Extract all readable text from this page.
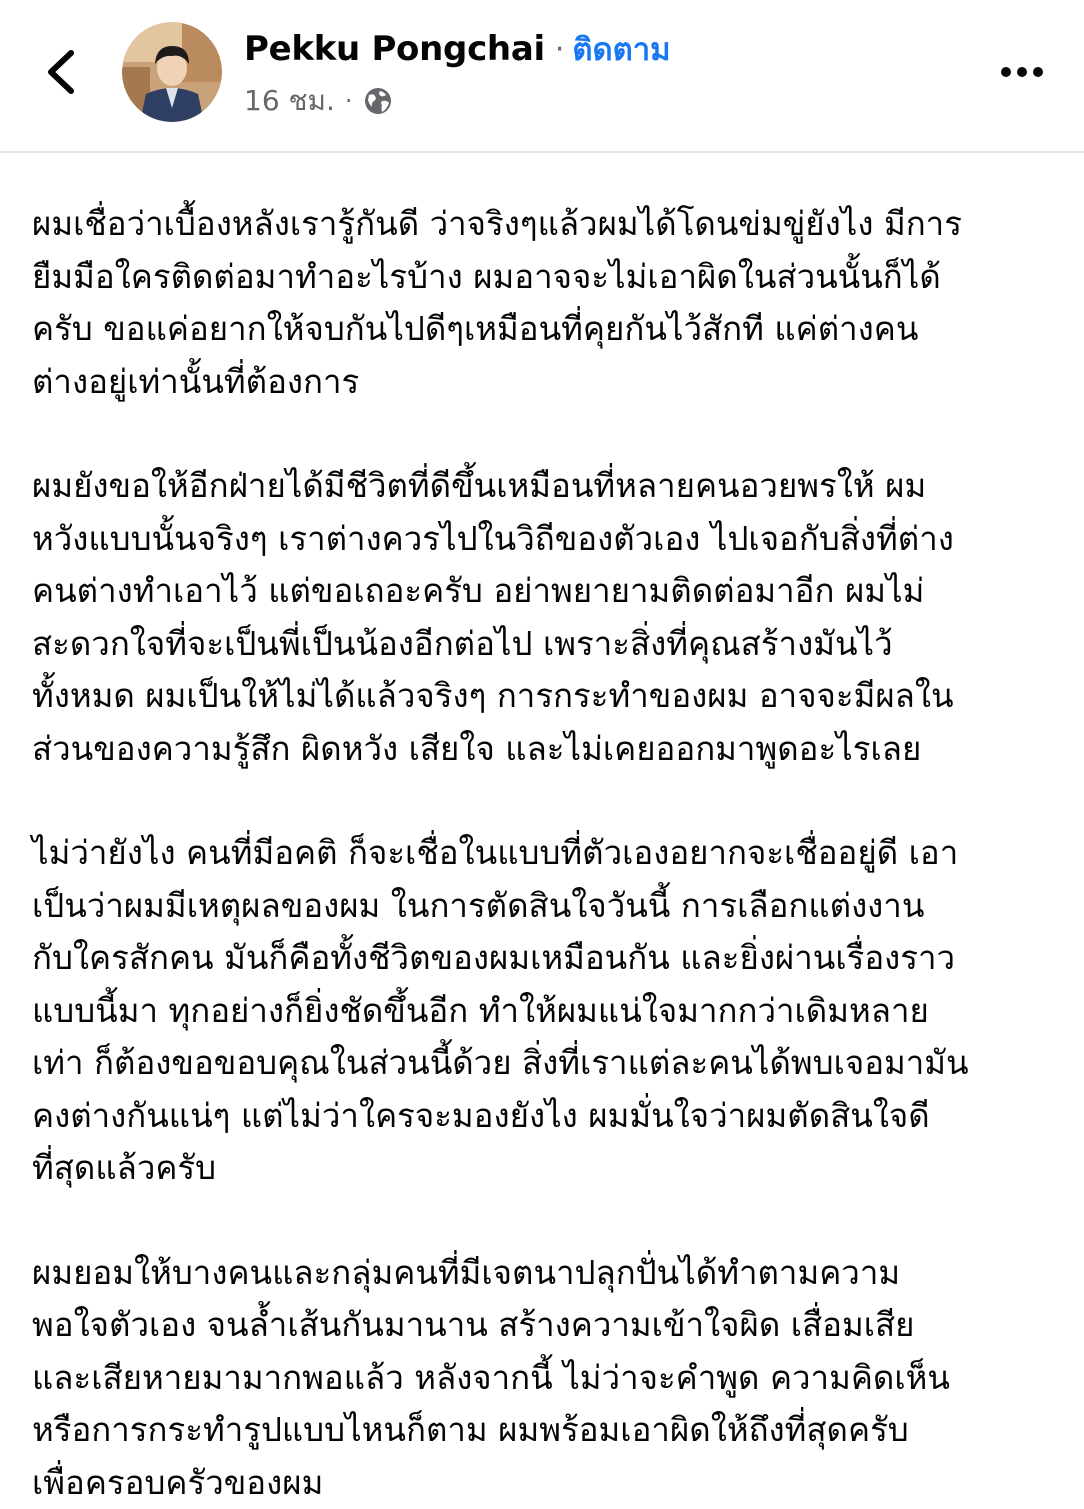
Pekku Pongchai · ติดตาม
16 ชม. ·
ผมเชื่อว่าเบื้องหลังเรารู้กันดี ว่าจริงๆแล้วผมได้โดนข่มขู่ยังไง มีการ
ยืมมือใครติดต่อมาทำอะไรบ้าง ผมอาจจะไม่เอาผิดในส่วนนั้นก็ได้
ครับ ขอแค่อยากให้จบกันไปดีๆเหมือนที่คุยกันไว้สักที แค่ต่างคน
ต่างอยู่เท่านั้นที่ต้องการ
ผมยังขอให้อีกฝ่ายได้มีชีวิตที่ดีขึ้นเหมือนที่หลายคนอวยพรให้ ผม
หวังแบบนั้นจริงๆ เราต่างควรไปในวิถีของตัวเอง ไปเจอกับสิ่งที่ต่าง
คนต่างทำเอาไว้ แต่ขอเถอะครับ อย่าพยายามติดต่อมาอีก ผมไม่
สะดวกใจที่จะเป็นพี่เป็นน้องอีกต่อไป เพราะสิ่งที่คุณสร้างมันไว้
ทั้งหมด ผมเป็นให้ไม่ได้แล้วจริงๆ การกระทำของผม อาจจะมีผลใน
ส่วนของความรู้สึก ผิดหวัง เสียใจ และไม่เคยออกมาพูดอะไรเลย
ไม่ว่ายังไง คนที่มีอคติ ก็จะเชื่อในแบบที่ตัวเองอยากจะเชื่ออยู่ดี เอา
เป็นว่าผมมีเหตุผลของผม ในการตัดสินใจวันนี้ การเลือกแต่งงาน
กับใครสักคน มันก็คือทั้งชีวิตของผมเหมือนกัน และยิ่งผ่านเรื่องราว
แบบนี้มา ทุกอย่างก็ยิ่งชัดขึ้นอีก ทำให้ผมแน่ใจมากกว่าเดิมหลาย
เท่า ก็ต้องขอขอบคุณในส่วนนี้ด้วย สิ่งที่เราแต่ละคนได้พบเจอมามัน
คงต่างกันแน่ๆ แต่ไม่ว่าใครจะมองยังไง ผมมั่นใจว่าผมตัดสินใจดี
ที่สุดแล้วครับ
ผมยอมให้บางคนและกลุ่มคนที่มีเจตนาปลุกปั่นได้ทำตามความ
พอใจตัวเอง จนล้ำเส้นกันมานาน สร้างความเข้าใจผิด เสื่อมเสีย
และเสียหายมามากพอแล้ว หลังจากนี้ ไม่ว่าจะคำพูด ความคิดเห็น
หรือการกระทำรูปแบบไหนก็ตาม ผมพร้อมเอาผิดให้ถึงที่สุดครับ
เพื่อครอบครัวของผม
